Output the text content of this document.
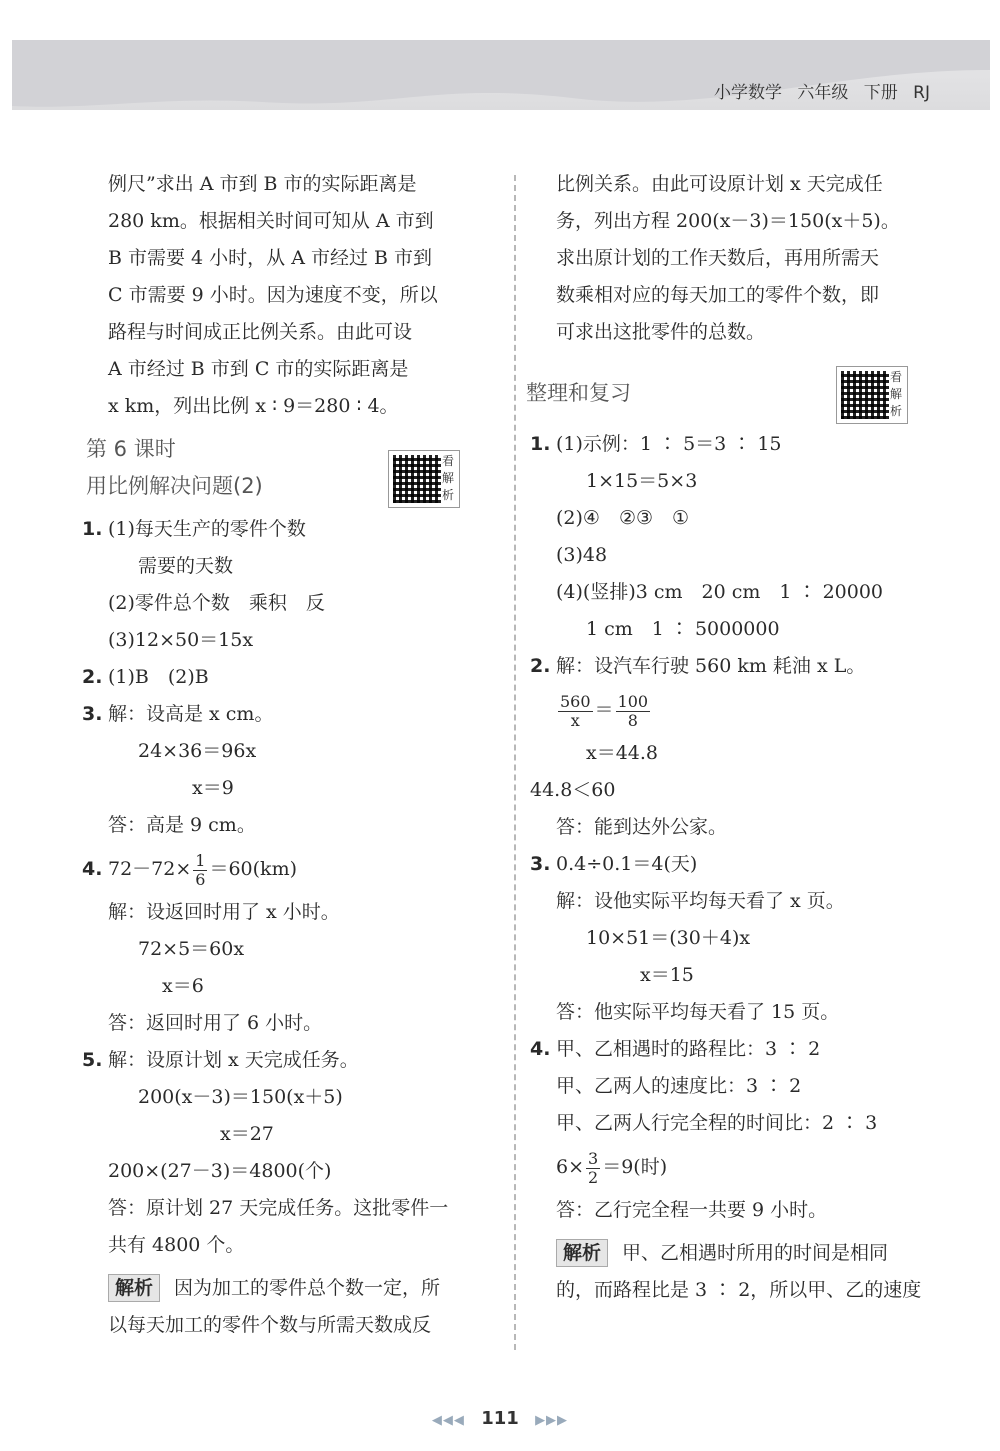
小学数学 六年级 下册 RJ
例尺”求出 A 市到 B 市的实际距离是
280 km。根据相关时间可知从 A 市到
B 市需要 4 小时，从 A 市经过 B 市到
C 市需要 9 小时。因为速度不变，所以
路程与时间成正比例关系。由此可设
A 市经过 B 市到 C 市的实际距离是
x km，列出比例 x ∶ 9＝280 ∶ 4。
第 6 课时
用比例解决问题(2)
1. (1)每天生产的零件个数
需要的天数
(2)零件总个数　乘积　反
(3)12×50＝15x
2. (1)B　(2)B
3. 解：设高是 x cm。
24×36＝96x
x＝9
答：高是 9 cm。
4. $72-72\times \frac{1}{6} =60(km)$
解：设返回时用了 x 小时。
72×5＝60x
x＝6
答：返回时用了 6 小时。
5. 解：设原计划 x 天完成任务。
200(x－3)＝150(x＋5)
x＝27
200×(27－3)＝4800(个)
答：原计划 27 天完成任务。这批零件一
共有 4800 个。
解析 因为加工的零件总个数一定，所
以每天加工的零件个数与所需天数成反
看解析
比例关系。由此可设原计划 x 天完成任
务，列出方程 200(x－3)＝150(x＋5)。
求出原计划的工作天数后，再用所需天
数乘相对应的每天加工的零件个数，即
可求出这批零件的总数。
整理和复习
1. (1)示例：1 ∶ 5＝3 ∶ 15
1×15＝5×3
(2)④　②③　①
(3)48
(4)(竖排)3 cm　20 cm　1 ∶ 20000
1 cm　1 ∶ 5000000
2. 解：设汽车行驶 560 km 耗油 x L。
$\frac{560}{x} = \frac{100}{8}$
x＝44.8
44.8＜60
答：能到达外公家。
3. 0.4÷0.1＝4(天)
解：设他实际平均每天看了 x 页。
10×51＝(30＋4)x
x＝15
答：他实际平均每天看了 15 页。
4. 甲、乙相遇时的路程比：3 ∶ 2
甲、乙两人的速度比：3 ∶ 2
甲、乙两人行完全程的时间比：2 ∶ 3
$6\times \frac{3}{2} =9$(时)
答：乙行完全程一共要 9 小时。
解析 甲、乙相遇时所用的时间是相同
的，而路程比是 3 ∶ 2，所以甲、乙的速度
看解析
◀◀◀ 111 ▶▶▶
